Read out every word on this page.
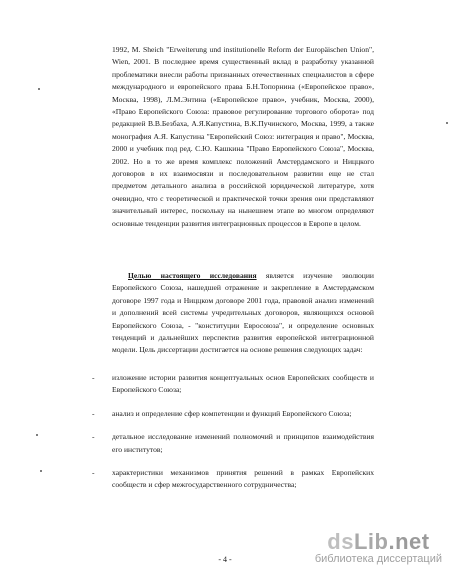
1992, M. Sheich "Erweiterung und institutionelle Reform der Europäischen Union", Wien, 2001. В последнее время существенный вклад в разработку указанной проблематики внесли работы признанных отечественных специалистов в сфере международного и европейского права Б.Н.Топорнина («Европейское право», Москва, 1998), Л.М.Энтина («Европейское право», учебник, Москва, 2000), «Право Европейского Союза: правовое регулирование торгового оборота» под редакцией В.В.Безбаха, А.Я.Капустина, В.К.Пучинского, Москва, 1999, а также монография А.Я. Капустина "Европейский Союз: интеграция и право", Москва, 2000 и учебник под ред. С.Ю. Кашкина "Право Европейского Союза", Москва, 2002. Но в то же время комплекс положений Амстердамского и Ниццкого договоров в их взаимосвязи и последовательном развитии еще не стал предметом детального анализа в российской юридической литературе, хотя очевидно, что с теоретической и практической точки зрения они представляют значительный интерес, поскольку на нынешнем этапе во многом определяют основные тенденции развития интеграционных процессов в Европе в целом.

Целью настоящего исследования является изучение эволюции Европейского Союза, нашедшей отражение и закрепление в Амстердамском договоре 1997 года и Ниццком договоре 2001 года, правовой анализ изменений и дополнений всей системы учредительных договоров, являющихся основой Европейского Союза, - "конституции Евросоюза", и определение основных тенденций и дальнейших перспектив развития европейской интеграционной модели. Цель диссертации достигается на основе решения следующих задач:

- изложение истории развития концептуальных основ Европейских сообществ и Европейского Союза;
- анализ и определение сфер компетенции и функций Европейского Союза;
- детальное исследование изменений полномочий и принципов взаимодействия его институтов;
- характеристики механизмов принятия решений в рамках Европейских сообществ и сфер межгосударственного сотрудничества;
- 4 -
dsLib.net
библиотека диссертаций
